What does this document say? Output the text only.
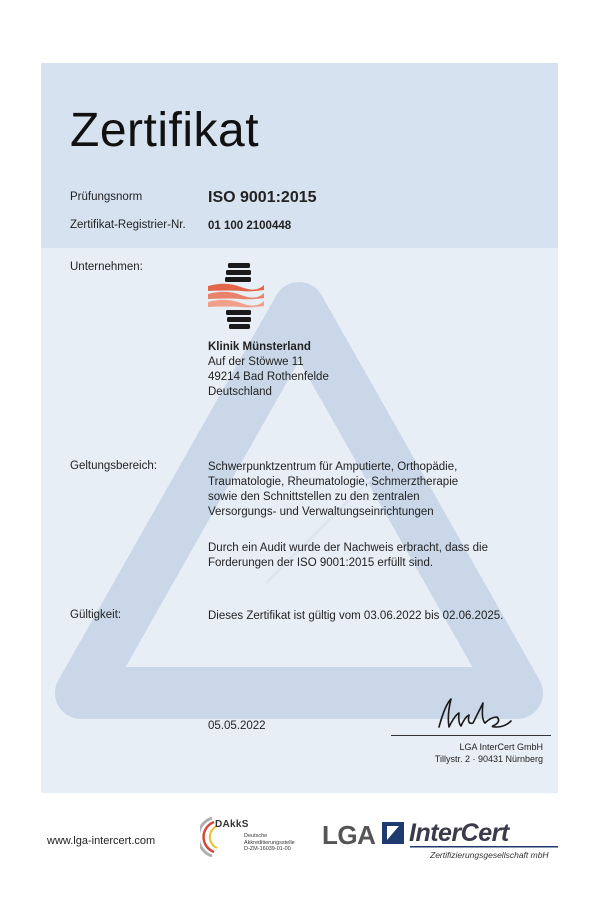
Zertifikat
Prüfungsnorm	ISO 9001:2015
Zertifikat-Registrier-Nr. 01 100 2100448
Unternehmen:
Klinik Münsterland
Auf der Stöwwe 11
49214 Bad Rothenfelde
Deutschland
Geltungsbereich:	Schwerpunktzentrum für Amputierte, Orthopädie,
Traumatologie, Rheumatologie, Schmerztherapie
sowie den Schnittstellen zu den zentralen
Versorgungs- und Verwaltungseinrichtungen
Durch ein Audit wurde der Nachweis erbracht, dass die
Forderungen der ISO 9001:2015 erfüllt sind.
Gültigkeit:	Dieses Zertifikat ist gültig vom 03.06.2022 bis 02.06.2025.
05.05.2022
LGA InterCert GmbH
Tillystr. 2 · 90431 Nürnberg
www.lga-intercert.com
DAkkS
Deutsche
Akkreditierungsstelle
D-ZM-16039-01-00 LGA InterCert
Zertifizierungsgesellschaft mbH
